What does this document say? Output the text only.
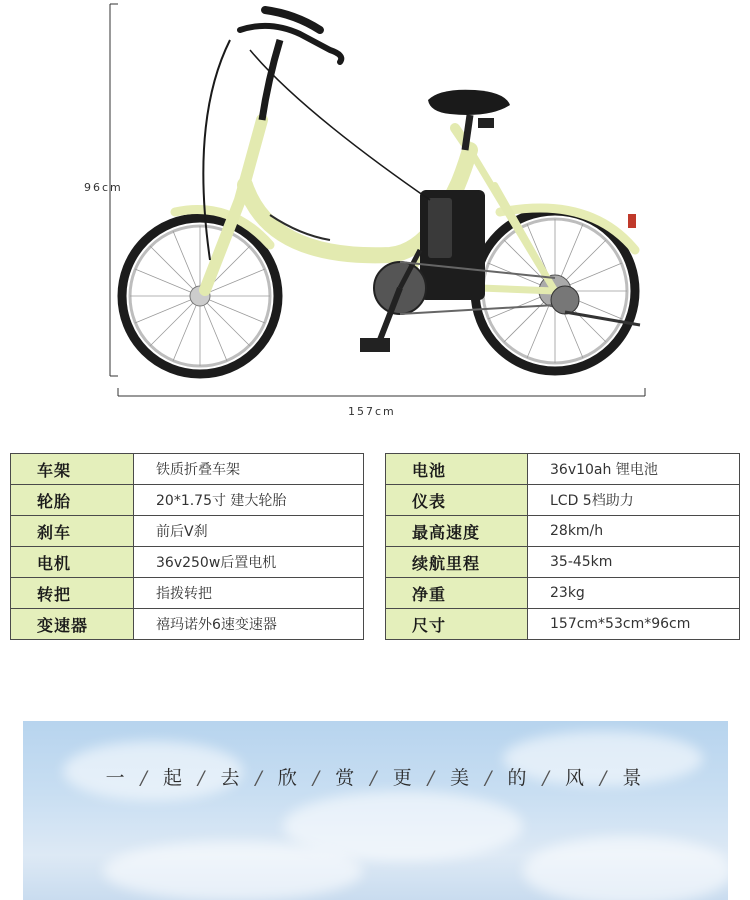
96cm
157cm
车架	铁质折叠车架
轮胎	20*1.75寸 建大轮胎
刹车	前后V刹
电机	36v250w后置电机
转把	指拨转把
变速器	禧玛诺外6速变速器
电池	36v10ah 锂电池
仪表	LCD 5档助力
最高速度	28km/h
续航里程	35-45km
净重	23kg
尺寸	157cm*53cm*96cm
一 / 起 / 去 / 欣 / 赏 / 更 / 美 / 的 / 风 / 景
